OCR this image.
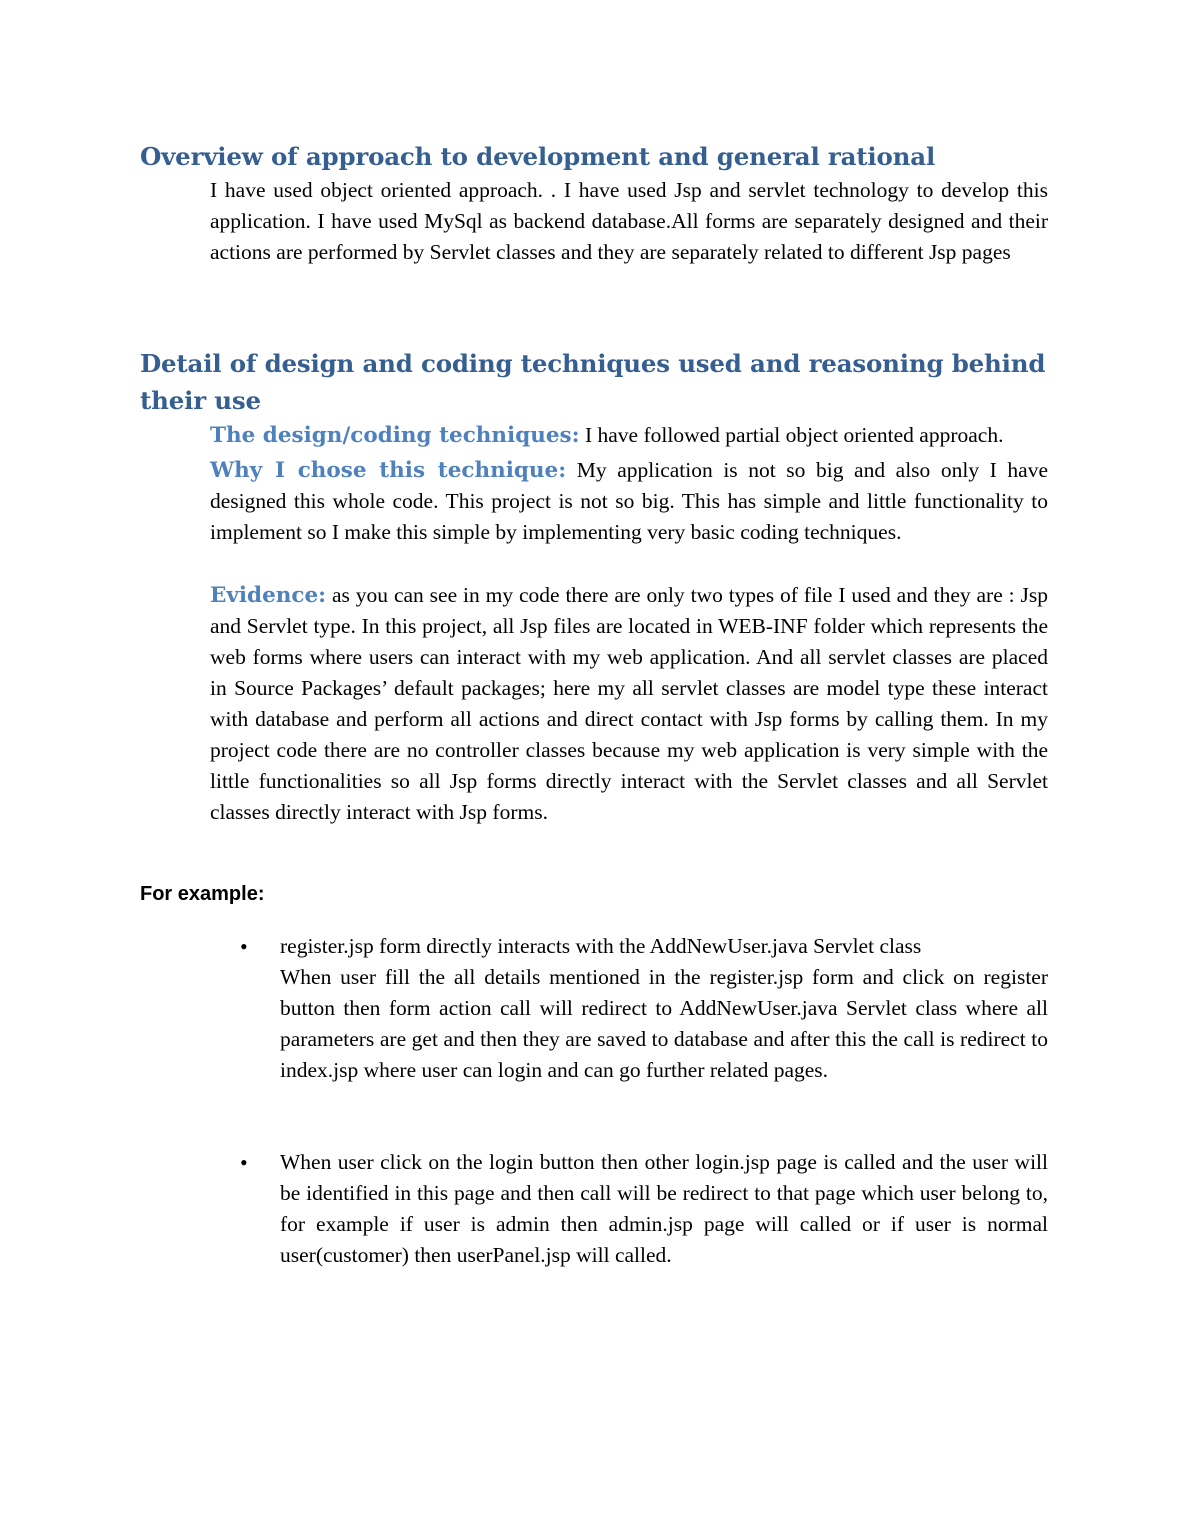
Overview of approach to development and general rational

I have used object oriented approach. . I have used Jsp and servlet technology to develop this application. I have used MySql as backend database.All forms are separately designed and their actions are performed by Servlet classes and they are separately related to different Jsp pages

Detail of design and coding techniques used and reasoning behind their use

The design/coding techniques: I have followed partial object oriented approach.

Why I chose this technique: My application is not so big and also only I have designed this whole code. This project is not so big. This has simple and little functionality to implement so I make this simple by implementing very basic coding techniques.

Evidence: as you can see in my code there are only two types of file I used and they are : Jsp and Servlet type. In this project, all Jsp files are located in WEB-INF folder which represents the web forms where users can interact with my web application. And all servlet classes are placed in Source Packages’ default packages; here my all servlet classes are model type these interact with database and perform all actions and direct contact with Jsp forms by calling them. In my project code there are no controller classes because my web application is very simple with the little functionalities so all Jsp forms directly interact with the Servlet classes and all Servlet classes directly interact with Jsp forms.

For example:

•	register.jsp form directly interacts with the AddNewUser.java Servlet class
When user fill the all details mentioned in the register.jsp form and click on register button then form action call will redirect to AddNewUser.java Servlet class where all parameters are get and then they are saved to database and after this the call is redirect to index.jsp where user can login and can go further related pages.

•	When user click on the login button then other login.jsp page is called and the user will be identified in this page and then call will be redirect to that page which user belong to, for example if user is admin then admin.jsp page will called or if user is normal user(customer) then userPanel.jsp will called.
